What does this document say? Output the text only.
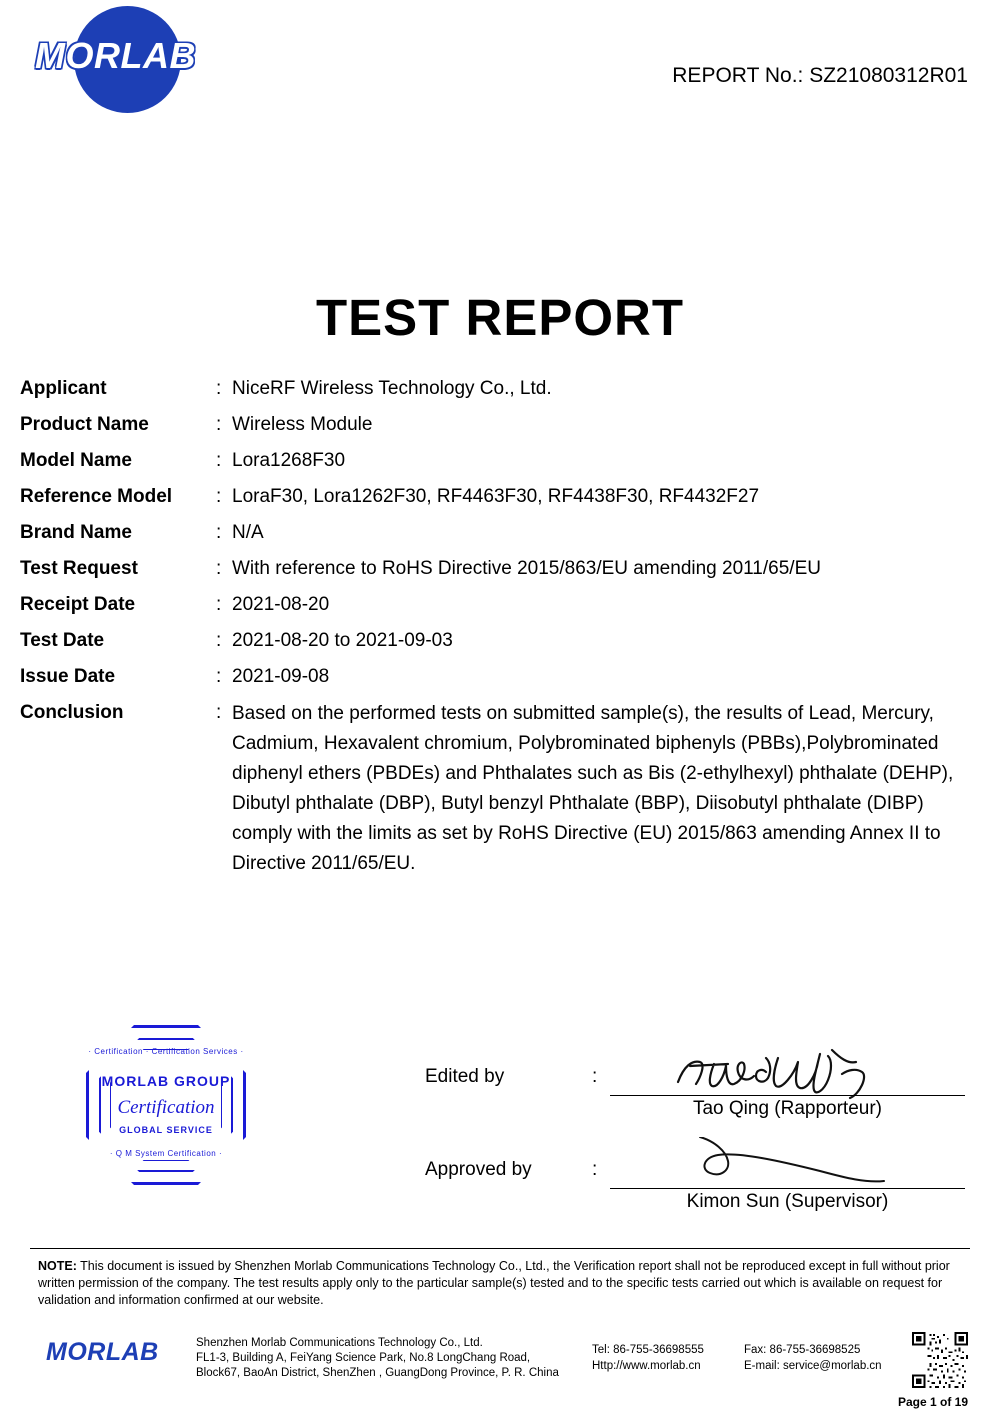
MORLAB	REPORT No.: SZ21080312R01
TEST REPORT
Applicant	: NiceRF Wireless Technology Co., Ltd.
Product Name	: Wireless Module
Model Name	: Lora1268F30
Reference Model	: LoraF30, Lora1262F30, RF4463F30, RF4438F30, RF4432F27
Brand Name	: N/A
Test Request	: With reference to RoHS Directive 2015/863/EU amending 2011/65/EU
Receipt Date	: 2021-08-20
Test Date	: 2021-08-20 to 2021-09-03
Issue Date	: 2021-09-08
Conclusion	: Based on the performed tests on submitted sample(s), the results of Lead, Mercury, Cadmium, Hexavalent chromium, Polybrominated biphenyls (PBBs),Polybrominated diphenyl ethers (PBDEs) and Phthalates such as Bis (2-ethylhexyl) phthalate (DEHP), Dibutyl phthalate (DBP), Butyl benzyl Phthalate (BBP), Diisobutyl phthalate (DIBP) comply with the limits as set by RoHS Directive (EU) 2015/863 amending Annex II to Directive 2011/65/EU.
· Certification · Certification Services ·
MORLAB GROUP
Certification
GLOBAL SERVICE
· Q M System Certification ·
Edited by	:
Tao Qing (Rapporteur)
Approved by	:
Kimon Sun (Supervisor)
NOTE: This document is issued by Shenzhen Morlab Communications Technology Co., Ltd., the Verification report shall not be reproduced except in full without prior written permission of the company. The test results apply only to the particular sample(s) tested and to the specific tests carried out which is available on request for validation and information confirmed at our website.
MORLAB	Shenzhen Morlab Communications Technology Co., Ltd.
FL1-3, Building A, FeiYang Science Park, No.8 LongChang Road,
Block67, BaoAn District, ShenZhen , GuangDong Province, P. R. China
Tel: 86-755-36698555	Fax: 86-755-36698525
Http://www.morlab.cn	E-mail: service@morlab.cn
Page 1 of 19
